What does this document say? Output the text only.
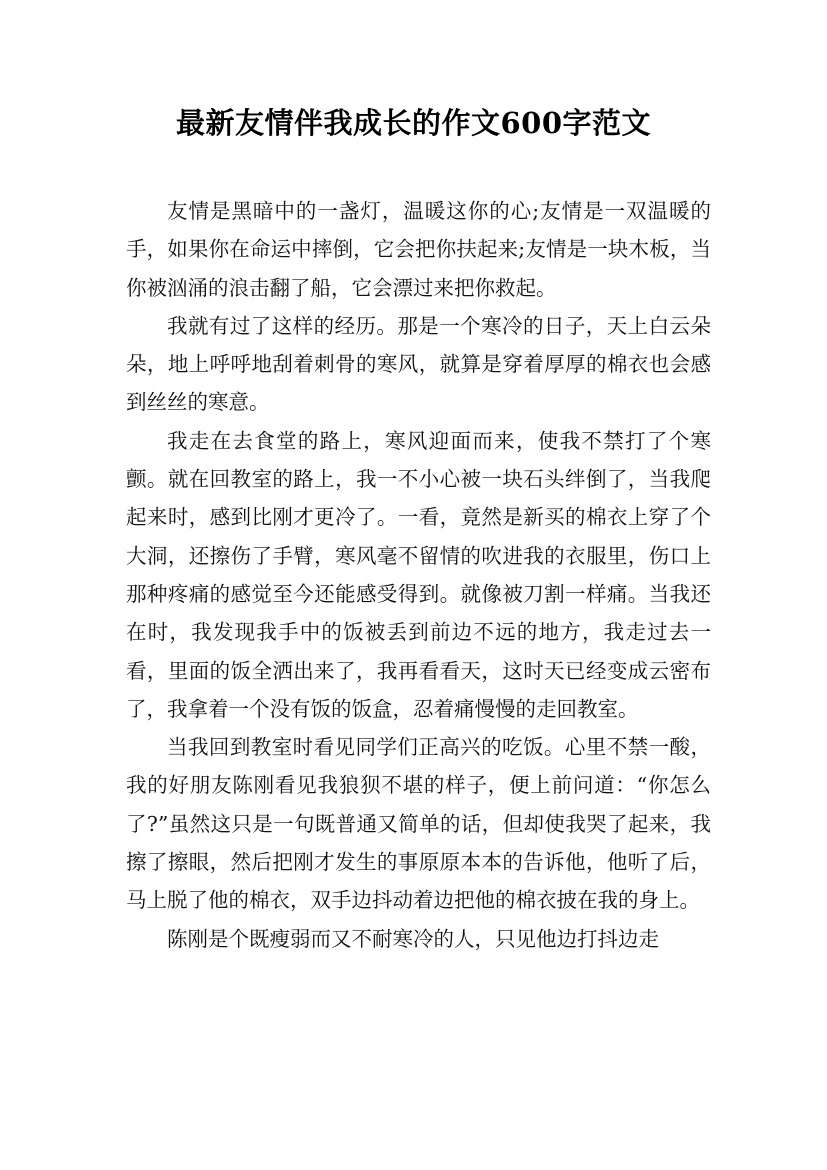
最新友情伴我成长的作文600字范文

友情是黑暗中的一盏灯，温暖这你的心;友情是一双温暖的手，如果你在命运中摔倒，它会把你扶起来;友情是一块木板，当你被汹涌的浪击翻了船，它会漂过来把你救起。

我就有过了这样的经历。那是一个寒冷的日子，天上白云朵朵，地上呼呼地刮着刺骨的寒风，就算是穿着厚厚的棉衣也会感到丝丝的寒意。

我走在去食堂的路上，寒风迎面而来，使我不禁打了个寒颤。就在回教室的路上，我一不小心被一块石头绊倒了，当我爬起来时，感到比刚才更冷了。一看，竟然是新买的棉衣上穿了个大洞，还擦伤了手臂，寒风毫不留情的吹进我的衣服里，伤口上那种疼痛的感觉至今还能感受得到。就像被刀割一样痛。当我还在时，我发现我手中的饭被丢到前边不远的地方，我走过去一看，里面的饭全洒出来了，我再看看天，这时天已经变成云密布了，我拿着一个没有饭的饭盒，忍着痛慢慢的走回教室。

当我回到教室时看见同学们正高兴的吃饭。心里不禁一酸，我的好朋友陈刚看见我狼狈不堪的样子，便上前问道：“你怎么了?”虽然这只是一句既普通又简单的话，但却使我哭了起来，我擦了擦眼，然后把刚才发生的事原原本本的告诉他，他听了后，马上脱了他的棉衣，双手边抖动着边把他的棉衣披在我的身上。

陈刚是个既瘦弱而又不耐寒冷的人，只见他边打抖边走
